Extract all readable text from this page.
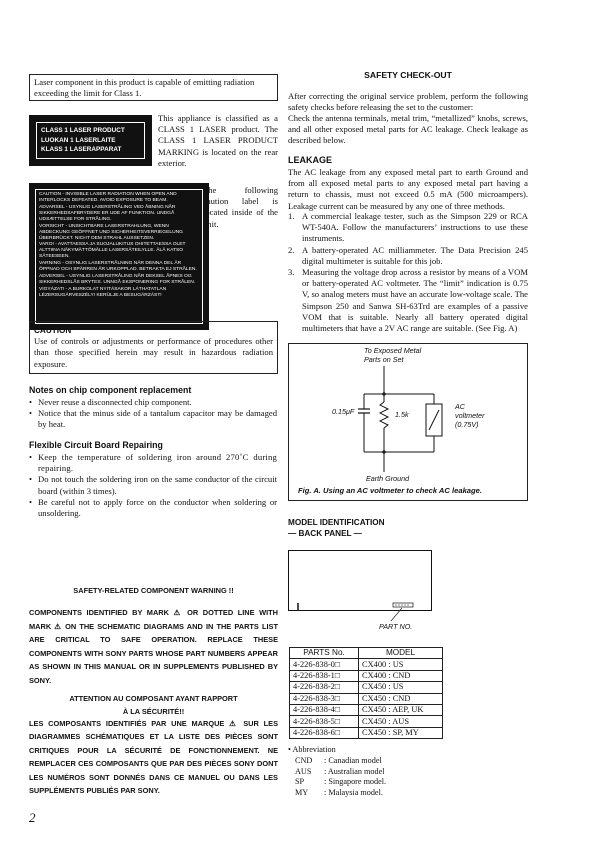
Laser component in this product is capable of emitting radiation exceeding the limit for Class 1.
CLASS 1 LASER PRODUCT
LUOKAN 1 LASERLAITE
KLASS 1 LASERAPPARAT
This appliance is classified as a CLASS 1 LASER product. The CLASS 1 LASER PRODUCT MARKING is located on the rear exterior.
CAUTION - INVISIBLE LASER RADIATION WHEN OPEN AND INTERLOCKS DEFEATED. AVOID EXPOSURE TO BEAM.
ADVARSEL - USYNLIG LASERSTRÅLING VED ÅBNING NÅR SIKKERHEDSAFBRYDERE ER UDE AF FUNKTION. UNDGÅ UDSÆTTELSE FOR STRÅLING.
VORSICHT - UNSICHTBARE LASERSTRAHLUNG, WENN ABDECKUNG GEÖFFNET UND SICHERHEITSVERRIEGELUNG ÜBERBRÜCKT. NICHT DEM STRAHL AUSSETZEN.
VARO! - AVATTAESSA JA SUOJALUKITUS OHITETTAESSA OLET ALTTIINA NÄKYMÄTTÖMÄLLE LASERSÄTEILYLLE. ÄLÄ KATSO SÄTEESEEN.
VARNING - OSYNLIG LASERSTRÅLNING NÄR DENNA DEL ÄR ÖPPNAD OCH SPÄRREN ÄR URKOPPLAD. BETRAKTA EJ STRÅLEN.
ADVERSEL - USYNLIG LASERSTRÅLING NÅR DEKSEL ÅPNES OG SIKKERHEDSLÅS BRYTES. UNNGÅ EKSPONERING FOR STRÅLEN.
VIGYÁZAT! - A BURKOLAT NYITÁSAKOR LÁTHATATLAN LÉZERSUGÁRVESZÉLY! KERÜLJE A BESUGÁRZÁST!
The following caution label is located inside of the unit.
CAUTION
Use of controls or adjustments or performance of procedures other than those specified herein may result in hazardous radiation exposure.
Notes on chip component replacement
• Never reuse a disconnected chip component.
• Notice that the minus side of a tantalum capacitor may be damaged by heat.
Flexible Circuit Board Repairing
• Keep the temperature of soldering iron around 270˚C during repairing.
• Do not touch the soldering iron on the same conductor of the circuit board (within 3 times).
• Be careful not to apply force on the conductor when soldering or unsoldering.
SAFETY-RELATED COMPONENT WARNING !!
COMPONENTS IDENTIFIED BY MARK ⚠ OR DOTTED LINE WITH MARK ⚠ ON THE SCHEMATIC DIAGRAMS AND IN THE PARTS LIST ARE CRITICAL TO SAFE OPERATION. REPLACE THESE COMPONENTS WITH SONY PARTS WHOSE PART NUMBERS APPEAR AS SHOWN IN THIS MANUAL OR IN SUPPLEMENTS PUBLISHED BY SONY.
ATTENTION AU COMPOSANT AYANT RAPPORT
À LA SÉCURITÉ!!
LES COMPOSANTS IDENTIFIÉS PAR UNE MARQUE ⚠ SUR LES DIAGRAMMES SCHÉMATIQUES ET LA LISTE DES PIÈCES SONT CRITIQUES POUR LA SÉCURITÉ DE FONCTIONNEMENT. NE REMPLACER CES COMPOSANTS QUE PAR DES PIÈCES SONY DONT LES NUMÉROS SONT DONNÉS DANS CE MANUEL OU DANS LES SUPPLÉMENTS PUBLIÉS PAR SONY.
2
SAFETY CHECK-OUT
After correcting the original service problem, perform the following safety checks before releasing the set to the customer:
Check the antenna terminals, metal trim, “metallized” knobs, screws, and all other exposed metal parts for AC leakage. Check leakage as described below.
LEAKAGE
The AC leakage from any exposed metal part to earth Ground and from all exposed metal parts to any exposed metal part having a return to chassis, must not exceed 0.5 mA (500 microampers). Leakage current can be measured by any one of three methods.
1. A commercial leakage tester, such as the Simpson 229 or RCA WT-540A. Follow the manufacturers’ instructions to use these instruments.
2. A battery-operated AC milliammeter. The Data Precision 245 digital multimeter is suitable for this job.
3. Measuring the voltage drop across a resistor by means of a VOM or battery-operated AC voltmeter. The “limit” indication is 0.75 V, so analog meters must have an accurate low-voltage scale. The Simpson 250 and Sanwa SH-63Trd are examples of a passive VOM that is suitable. Nearly all battery operated digital multimeters that have a 2V AC range are suitable. (See Fig. A)
To Exposed Metal
Parts on Set
0.15μF	1.5k
AC
voltmeter
(0.75V)
Earth Ground
Fig. A. Using an AC voltmeter to check AC leakage.
MODEL IDENTIFICATION
— BACK PANEL —
PART NO.
PARTS No.	MODEL
4-226-838-0□	CX400 : US
4-226-838-1□	CX400 : CND
4-226-838-2□	CX450 : US
4-226-838-3□	CX450 : CND
4-226-838-4□	CX450 : AEP, UK
4-226-838-5□	CX450 : AUS
4-226-838-6□	CX450 : SP, MY
• Abbreviation
CND : Canadian model
AUS : Australian model
SP : Singapore model.
MY : Malaysia model.
